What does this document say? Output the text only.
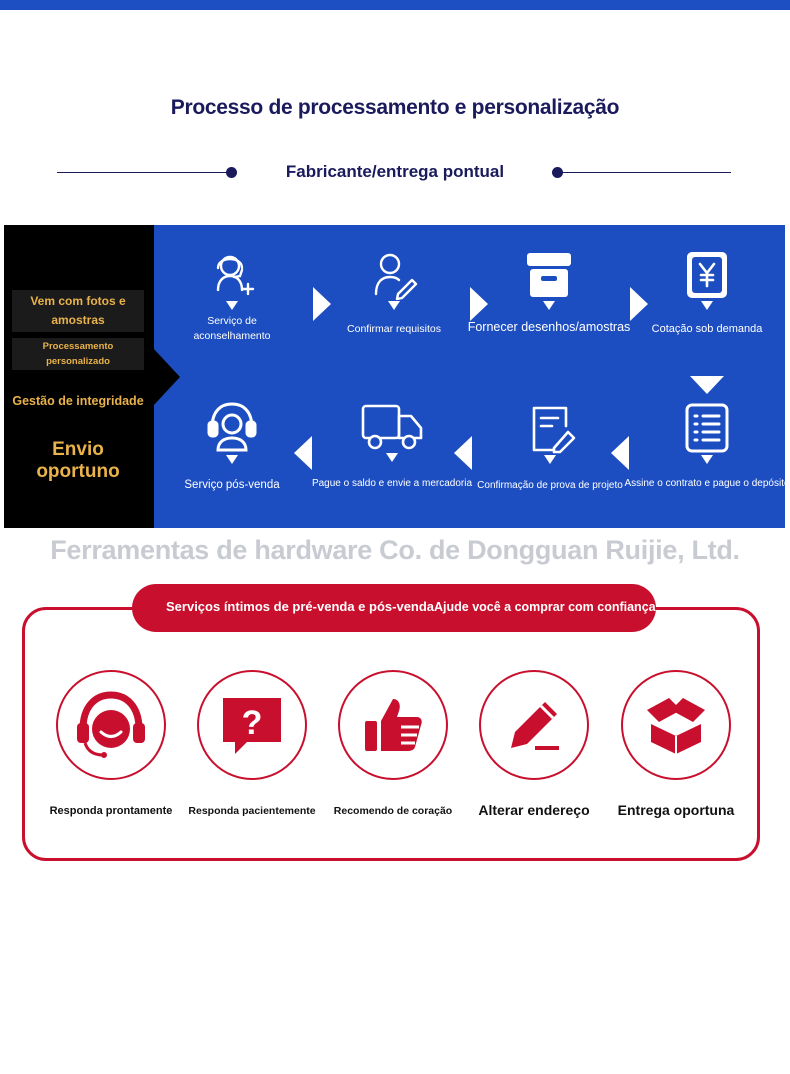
Processo de processamento e personalização
Fabricante/entrega pontual
Vem com fotos e amostras
Processamento personalizado
Gestão de integridade
Envio oportuno
Serviço de aconselhamento
Confirmar requisitos	Fornecer desenhos/amostras	Cotação sob demanda
Serviço pós-venda	Pague o saldo e envie a mercadoria Confirmação de prova de projeto Assine o contrato e pague o depósito
Ferramentas de hardware Co. de Dongguan Ruijie, Ltd.
Serviços íntimos de pré-venda e pós-venda Ajude você a comprar com confiança
Responda prontamente
?
Responda pacientemente	Recomendo de coração	Alterar endereço	Entrega oportuna
